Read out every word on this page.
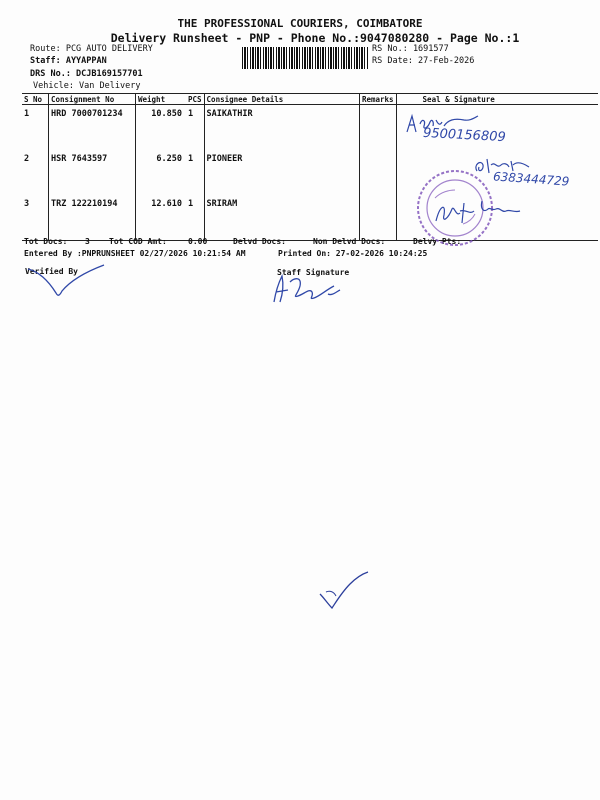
THE PROFESSIONAL COURIERS, COIMBATORE
Delivery Runsheet - PNP - Phone No.:9047080280 - Page No.:1
Route: PCG AUTO DELIVERY
Staff: AYYAPPAN
DRS No.: DCJB169157701
Vehicle: Van Delivery
RS No.: 1691577
RS Date: 27-Feb-2026
S No	Consignment No	Weight	PCS	Consignee Details	Remarks	Seal & Signature
1	HRD 7000701234	10.850	1	SAIKATHIR		
2	HSR 7643597	6.250	1	PIONEER		
3	TRZ 122210194	12.610	1	SRIRAM		
Tot Docs: 3 Tot COD Amt:	0.00	Delvd Docs:	Non Delvd Docs:	Delvy Pts:
Entered By :PNPRUNSHEET 02/27/2026 10:21:54 AM	Printed On: 27-02-2026 10:24:25
Verified By	Staff Signature
9500156809
6383444729
